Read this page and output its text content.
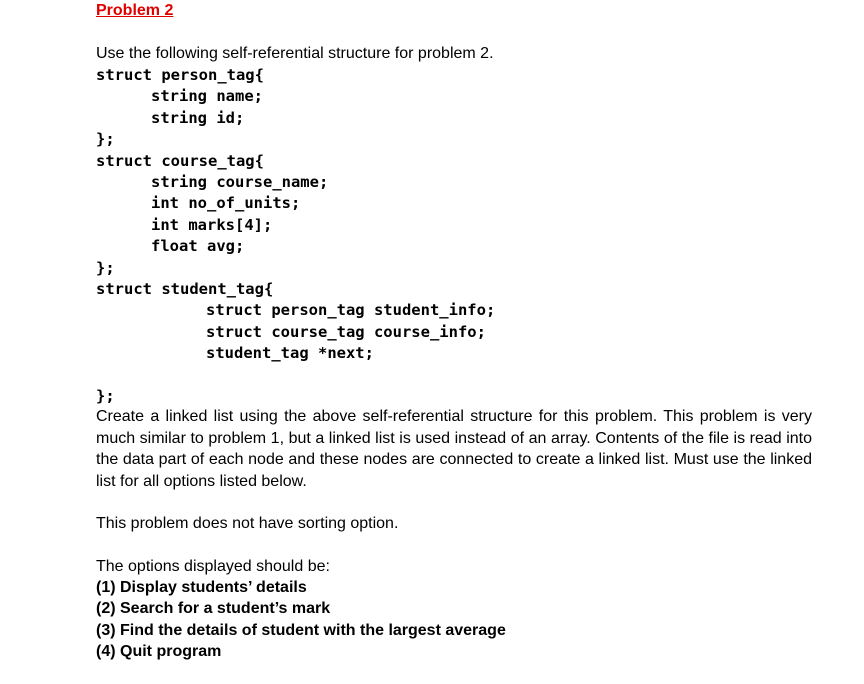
Problem 2
Use the following self-referential structure for problem 2.
struct person_tag{
string name;
string id;
};
struct course_tag{
string course_name;
int no_of_units;
int marks[4];
float avg;
};
struct student_tag{
struct person_tag student_info;
struct course_tag course_info;
student_tag *next;
};
Create a linked list using the above self-referential structure for this problem. This problem is very much similar to problem 1, but a linked list is used instead of an array. Contents of the file is read into the data part of each node and these nodes are connected to create a linked list. Must use the linked list for all options listed below.
This problem does not have sorting option.
The options displayed should be:
(1) Display students’ details
(2) Search for a student’s mark
(3) Find the details of student with the largest average
(4) Quit program
